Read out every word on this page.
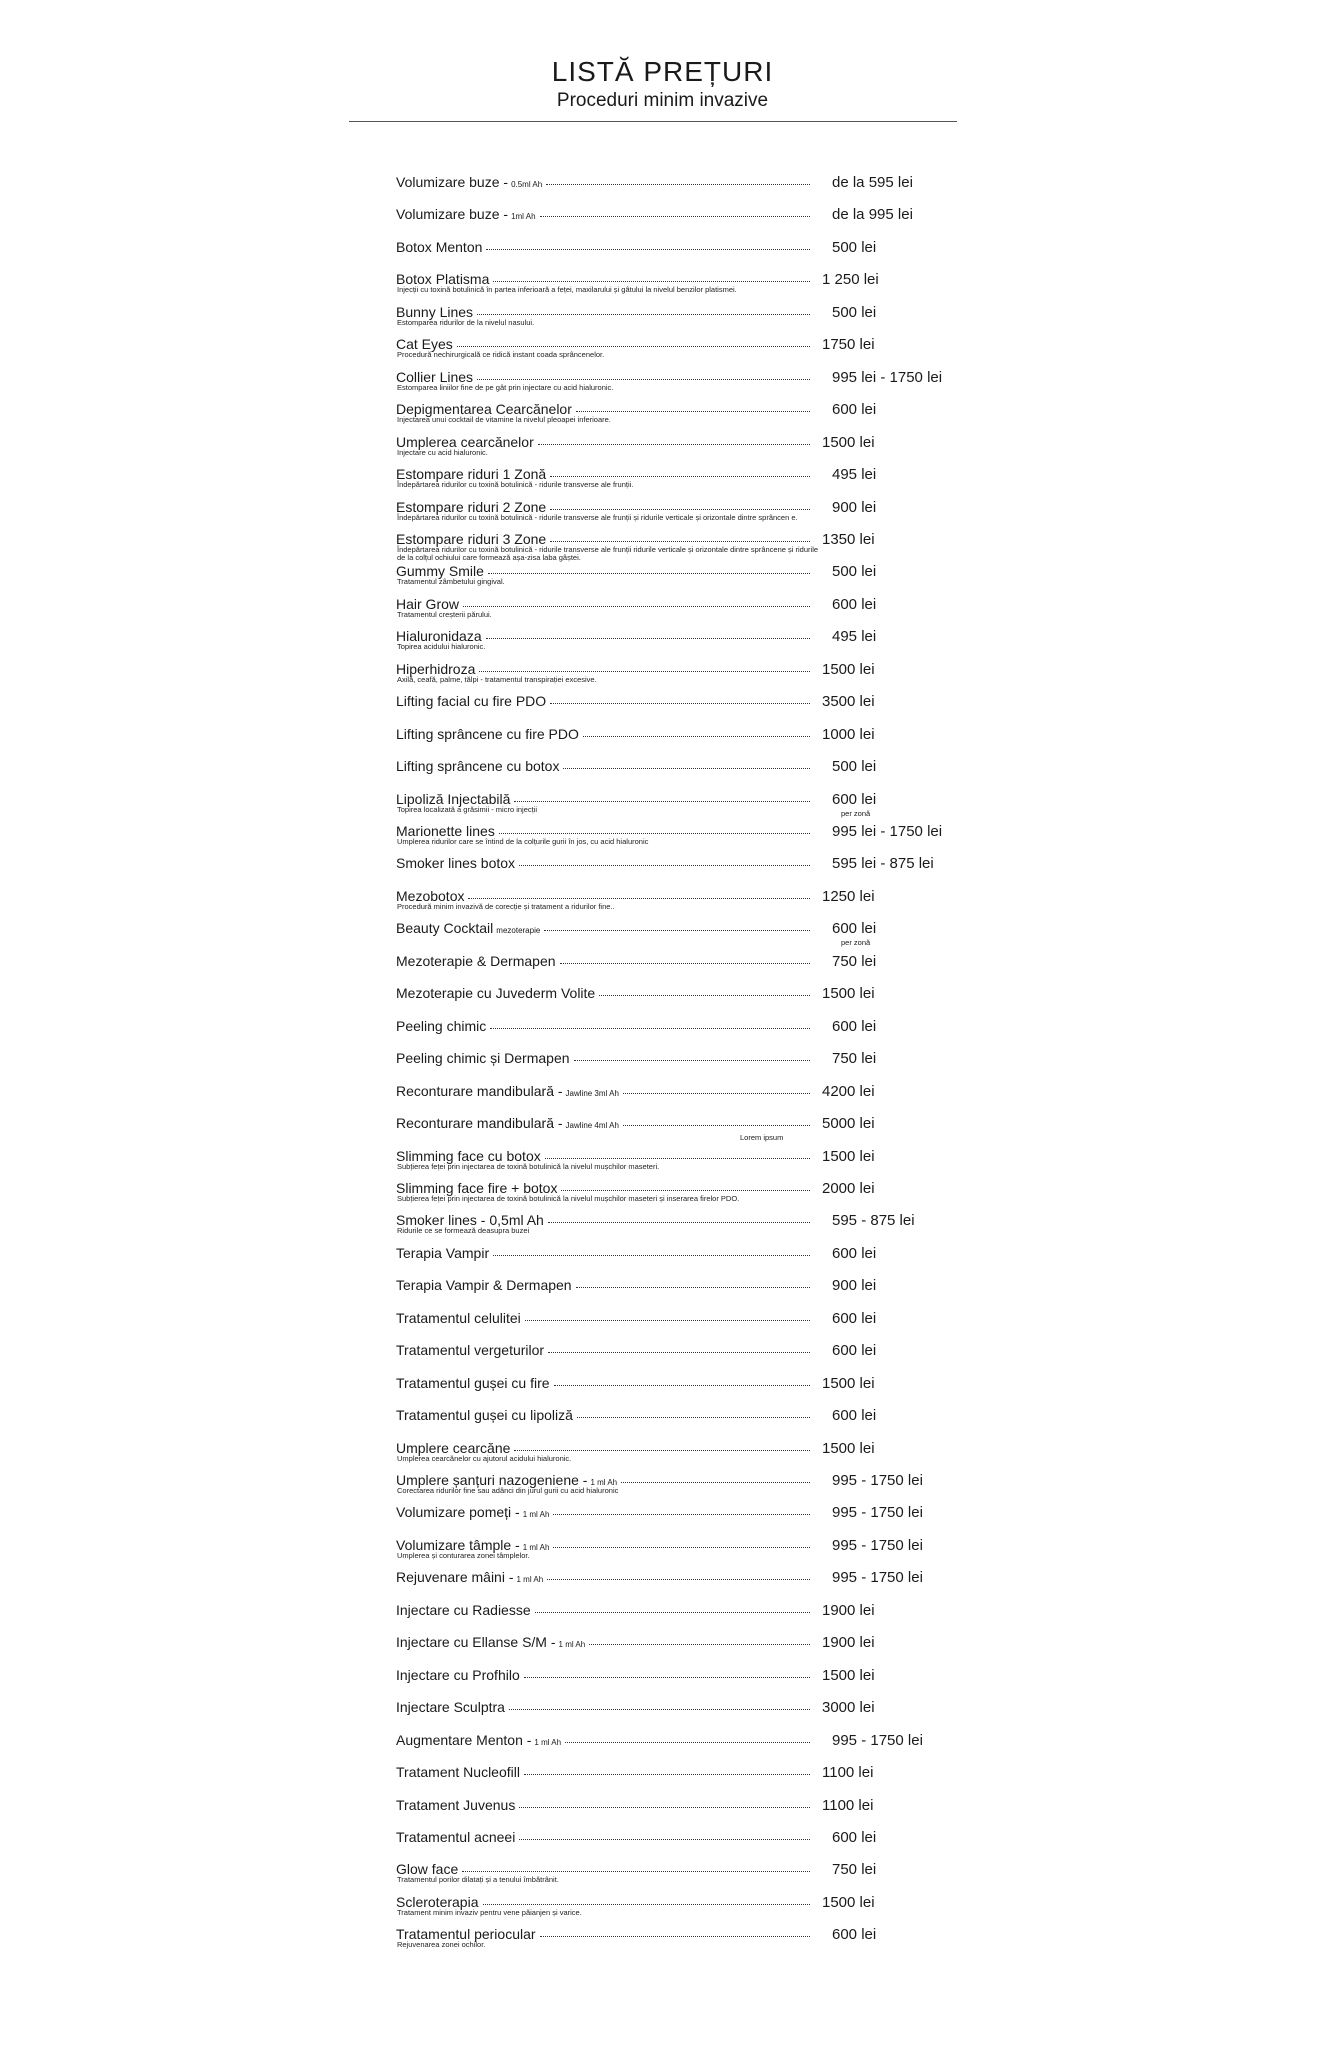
LISTĂ PREȚURI
Proceduri minim invazive
Volumizare buze - 0.5ml Ah	de la 595 lei
Volumizare buze - 1ml Ah	de la 995 lei
Botox Menton	500 lei
Botox Platisma	1 250 lei
Injecții cu toxină botulinică în partea inferioară a feței, maxilarului și gâtului la nivelul benzilor platismei.
Bunny Lines	500 lei
Estomparea ridurilor de la nivelul nasului.
Cat Eyes	1750 lei
Procedură nechirurgicală ce ridică instant coada sprâncenelor.
Collier Lines	995 lei - 1750 lei
Estomparea liniilor fine de pe gât prin injectare cu acid hialuronic.
Depigmentarea Cearcănelor	600 lei
Injectarea unui cocktail de vitamine la nivelul pleoapei inferioare.
Umplerea cearcănelor	1500 lei
Injectare cu acid hialuronic.
Estompare riduri 1 Zonă	495 lei
Îndepărtarea ridurilor cu toxină botulinică - ridurile transverse ale frunții.
Estompare riduri 2 Zone	900 lei
Îndepărtarea ridurilor cu toxină botulinică - ridurile transverse ale frunții și ridurile verticale și orizontale dintre sprâncen e.
Estompare riduri 3 Zone	1350 lei
Îndepărtarea ridurilor cu toxină botulinică - ridurile transverse ale frunții ridurile verticale și orizontale dintre sprâncene și ridurile de la colțul ochiului care formează așa-zisa laba gâștei.
Gummy Smile	500 lei
Tratamentul zâmbetului gingival.
Hair Grow	600 lei
Tratamentul creșterii părului.
Hialuronidaza	495 lei
Topirea acidului hialuronic.
Hiperhidroza	1500 lei
Axilă, ceafă, palme, tălpi - tratamentul transpirației excesive.
Lifting facial cu fire PDO	3500 lei
Lifting sprâncene cu fire PDO	1000 lei
Lifting sprâncene cu botox	500 lei
Lipoliză Injectabilă	600 lei
Topirea localizată a grăsimii - micro injecții	per zonă
Marionette lines	995 lei - 1750 lei
Umplerea ridurilor care se întind de la colțurile gurii în jos, cu acid hialuronic
Smoker lines botox	595 lei - 875 lei
Mezobotox	1250 lei
Procedură minim invazivă de corecție și tratament a ridurilor fine..
Beauty Cocktail mezoterapie	600 lei
per zonă
Mezoterapie & Dermapen	750 lei
Mezoterapie cu Juvederm Volite	1500 lei
Peeling chimic	600 lei
Peeling chimic și Dermapen	750 lei
Reconturare mandibulară - Jawline 3ml Ah	4200 lei
Reconturare mandibulară - Jawline 4ml Ah	5000 lei
Lorem ipsum
Slimming face cu botox	1500 lei
Subțierea feței prin injectarea de toxină botulinică la nivelul mușchilor maseteri.
Slimming face fire + botox	2000 lei
Subțierea feței prin injectarea de toxină botulinică la nivelul mușchilor maseteri și inserarea firelor PDO.
Smoker lines - 0,5ml Ah	595 - 875 lei
Ridurile ce se formează deasupra buzei
Terapia Vampir	600 lei
Terapia Vampir & Dermapen	900 lei
Tratamentul celulitei	600 lei
Tratamentul vergeturilor	600 lei
Tratamentul gușei cu fire	1500 lei
Tratamentul gușei cu lipoliză	600 lei
Umplere cearcăne	1500 lei
Umplerea cearcănelor cu ajutorul acidului hialuronic.
Umplere șanțuri nazogeniene - 1 ml Ah	995 - 1750 lei
Corectarea ridurilor fine sau adânci din jurul gurii cu acid hialuronic
Volumizare pomeți - 1 ml Ah	995 - 1750 lei
Volumizare tâmple - 1 ml Ah	995 - 1750 lei
Umplerea și conturarea zonei tâmplelor.
Rejuvenare mâini - 1 ml Ah	995 - 1750 lei
Injectare cu Radiesse	1900 lei
Injectare cu Ellanse S/M - 1 ml Ah	1900 lei
Injectare cu Profhilo	1500 lei
Injectare Sculptra	3000 lei
Augmentare Menton - 1 ml Ah	995 - 1750 lei
Tratament Nucleofill	1100 lei
Tratament Juvenus	1100 lei
Tratamentul acneei	600 lei
Glow face	750 lei
Tratamentul porilor dilatați și a tenului îmbătrânit.
Scleroterapia	1500 lei
Tratament minim invaziv pentru vene păianjen și varice.
Tratamentul periocular	600 lei
Rejuvenarea zonei ochilor.
